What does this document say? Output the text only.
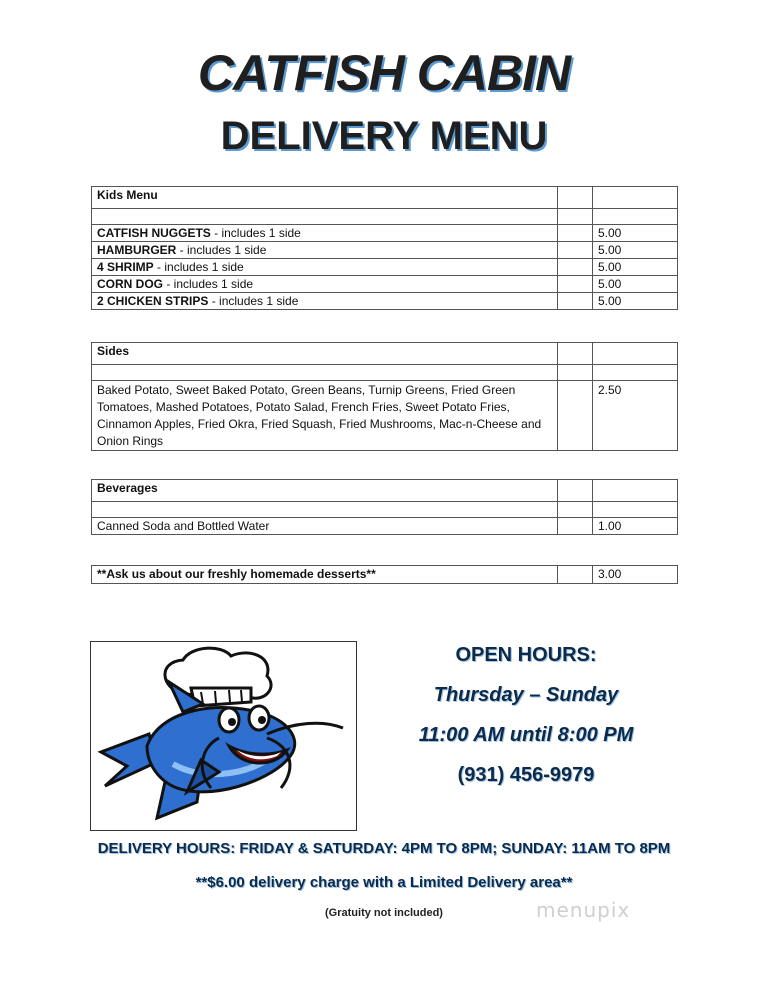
CATFISH CABIN
DELIVERY MENU
Kids Menu		

CATFISH NUGGETS - includes 1 side		5.00
HAMBURGER - includes 1 side		5.00
4 SHRIMP - includes 1 side		5.00
CORN DOG - includes 1 side		5.00
2 CHICKEN STRIPS - includes 1 side		5.00
Sides		

Baked Potato, Sweet Baked Potato, Green Beans, Turnip Greens, Fried Green Tomatoes, Mashed Potatoes, Potato Salad, French Fries, Sweet Potato Fries, Cinnamon Apples, Fried Okra, Fried Squash, Fried Mushrooms, Mac-n-Cheese and Onion Rings		2.50
Beverages		

Canned Soda and Bottled Water		1.00
**Ask us about our freshly homemade desserts**		3.00
OPEN HOURS:
Thursday – Sunday
11:00 AM until 8:00 PM
(931) 456-9979
DELIVERY HOURS: FRIDAY & SATURDAY: 4PM TO 8PM; SUNDAY: 11AM TO 8PM
**$6.00 delivery charge with a Limited Delivery area**
(Gratuity not included)	menupix
